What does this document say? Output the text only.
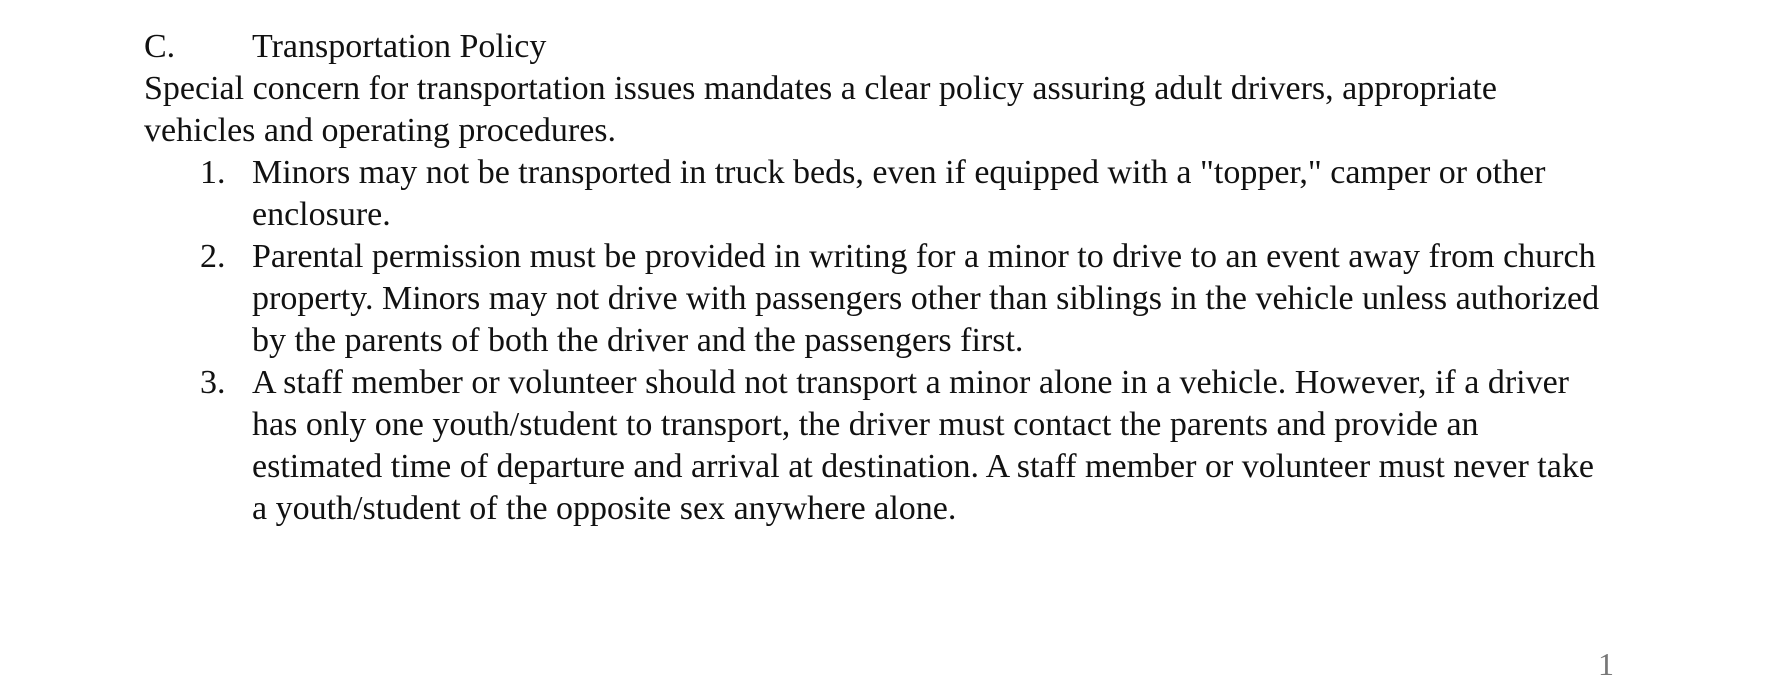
C.	Transportation Policy

Special concern for transportation issues mandates a clear policy assuring adult drivers, appropriate vehicles and operating procedures.

1. Minors may not be transported in truck beds, even if equipped with a "topper," camper or other enclosure.
2. Parental permission must be provided in writing for a minor to drive to an event away from church property. Minors may not drive with passengers other than siblings in the vehicle unless authorized by the parents of both the driver and the passengers first.
3. A staff member or volunteer should not transport a minor alone in a vehicle. However, if a driver has only one youth/student to transport, the driver must contact the parents and provide an estimated time of departure and arrival at destination. A staff member or volunteer must never take a youth/student of the opposite sex anywhere alone.
1
